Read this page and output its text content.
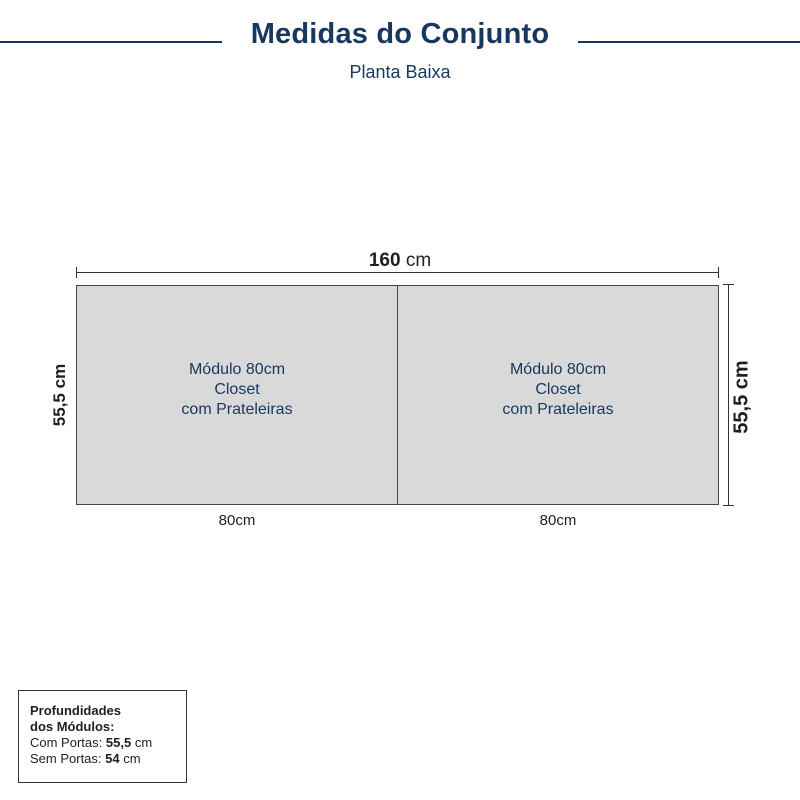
Medidas do Conjunto
Planta Baixa
160 cm
Módulo 80cm
Closet
com Prateleiras
Módulo 80cm
Closet
com Prateleiras
80cm	80cm
55,5 cm	55,5 cm
Profundidades
dos Módulos:
Com Portas: 55,5 cm
Sem Portas: 54 cm
